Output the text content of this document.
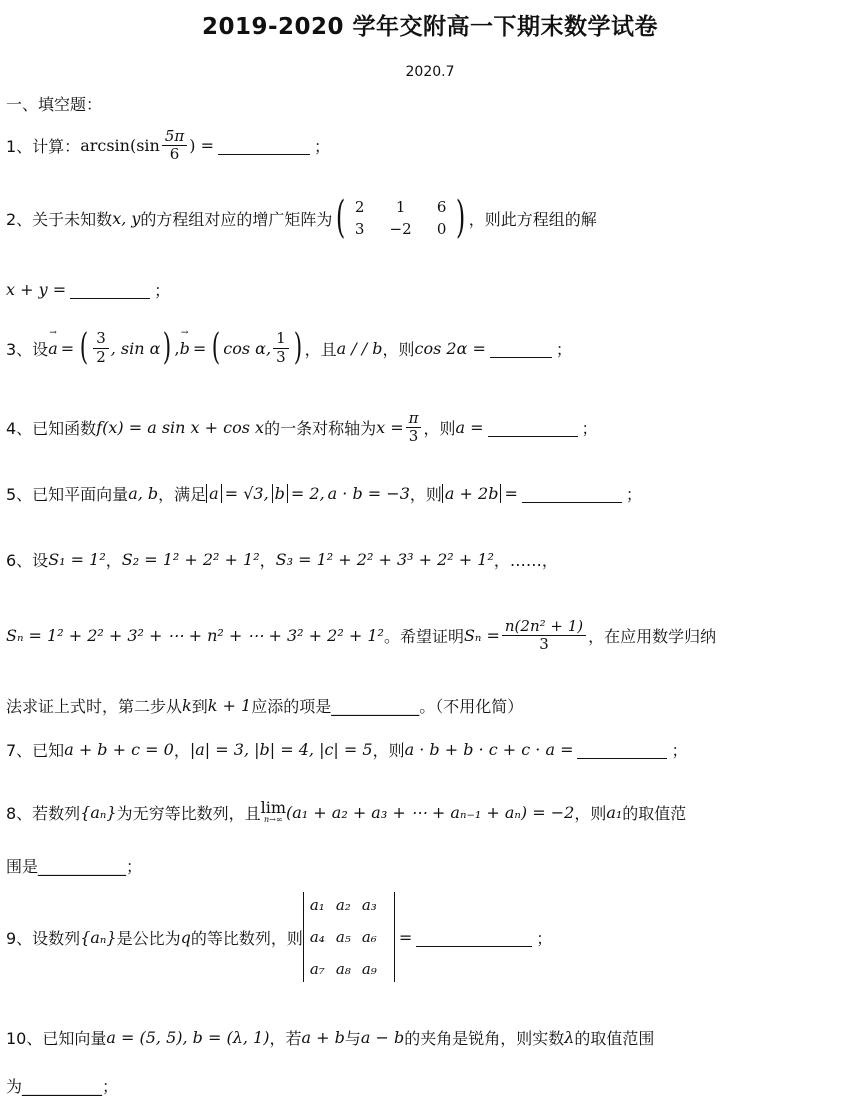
2019-2020 学年交附高一下期末数学试卷
2020.7
一、填空题：
1、计算： $\arcsin(\sin \frac{5\pi}{6}$ ) =	；
2、关于未知数 x, y 的方程组对应的增广矩阵为 ( 2	1	6
3	−2	0 ) ，则此方程组的解
x + y =	；
3、设 → a = ( $\frac{3}{2}$ , sin α ) , → b = ( cos α, $\frac{1}{3}$ ) ，且 a / / b ，则 cos 2α =	；
4、已知函数 f(x) = a sin x + cos x 的一条对称轴为 $x = \frac{\pi}{3}$ ，则 a =	；
5、已知平面向量 a, b ，满足 a = √3, b = 2, a · b = −3 ，则 a + 2b =	；
6、设 S₁ = 1² ， S₂ = 1² + 2² + 1² ， S₃ = 1² + 2² + 3³ + 2² + 1² ，……，
Sₙ = 1² + 2² + 3² + ⋯ + n² + ⋯ + 3² + 2² + 1² 。希望证明 $S_n = \frac{\text{n(2n² + 1)}}{3}$ ，在应用数学归纳
法求证上式时，第二步从 k 到 k + 1 应添的项是___________。（不用化简）
7、已知 a + b + c = 0 ， |a| = 3, |b| = 4, |c| = 5 ，则 a · b + b · c + c · a =	；
8、若数列 {aₙ} 为无穷等比数列，且 lim
n→∞ (a₁ + a₂ + a₃ + ⋯ + aₙ₋₁ + aₙ) = −2 ，则 a₁ 的取值范
围是___________；
9、设数列 {aₙ} 是公比为 q 的等比数列，则
a₁ a₂ a₃
a₄ a₅ a₆
a₇ a₈ a₉
=	；
10、已知向量 a = (5, 5), b = (λ, 1) ，若 a + b 与 a − b 的夹角是锐角，则实数 λ 的取值范围
为__________；
